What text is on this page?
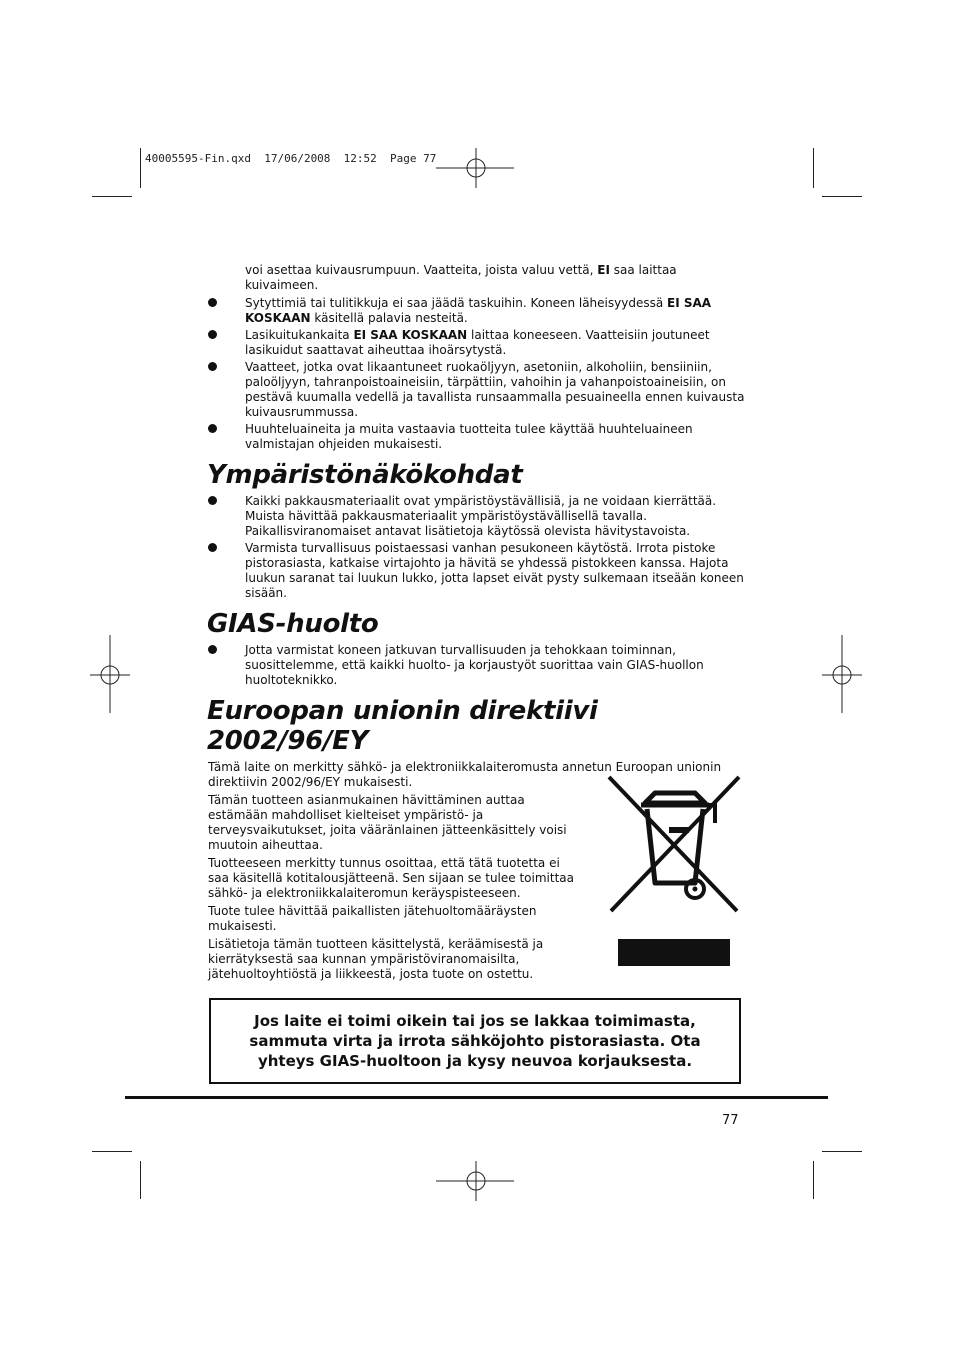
40005595-Fin.qxd  17/06/2008  12:52  Page 77

voi asettaa kuivausrumpuun. Vaatteita, joista valuu vettä, EI saa laittaa kuivaimeen.

Sytyttimiä tai tulitikkuja ei saa jäädä taskuihin. Koneen läheisyydessä EI SAA KOSKAAN käsitellä palavia nesteitä.
Lasikuitukankaita EI SAA KOSKAAN laittaa koneeseen. Vaatteisiin joutuneet lasikuidut saattavat aiheuttaa ihoärsytystä.
Vaatteet, jotka ovat likaantuneet ruokaöljyyn, asetoniin, alkoholiin, bensiiniin, paloöljyyn, tahranpoistoaineisiin, tärpättiin, vahoihin ja vahanpoistoaineisiin, on pestävä kuumalla vedellä ja tavallista runsaammalla pesuaineella ennen kuivausta kuivausrummussa.
Huuhteluaineita ja muita vastaavia tuotteita tulee käyttää huuhteluaineen valmistajan ohjeiden mukaisesti.
Ympäristönäkökohdat
Kaikki pakkausmateriaalit ovat ympäristöystävällisiä, ja ne voidaan kierrättää. Muista hävittää pakkausmateriaalit ympäristöystävällisellä tavalla. Paikallisviranomaiset antavat lisätietoja käytössä olevista hävitystavoista.
Varmista turvallisuus poistaessasi vanhan pesukoneen käytöstä. Irrota pistoke pistorasiasta, katkaise virtajohto ja hävitä se yhdessä pistokkeen kanssa. Hajota luukun saranat tai luukun lukko, jotta lapset eivät pysty sulkemaan itseään koneen sisään.
GIAS-huolto
Jotta varmistat koneen jatkuvan turvallisuuden ja tehokkaan toiminnan, suosittelemme, että kaikki huolto- ja korjaustyöt suorittaa vain GIAS-huollon huoltoteknikko.
Euroopan unionin direktiivi 2002/96/EY

Tämä laite on merkitty sähkö- ja elektroniikkalaiteromusta annetun Euroopan unionin direktiivin 2002/96/EY mukaisesti.

Tämän tuotteen asianmukainen hävittäminen auttaa estämään mahdolliset kielteiset ympäristö- ja terveysvaikutukset, joita vääränlainen jätteenkäsittely voisi muutoin aiheuttaa.

Tuotteeseen merkitty tunnus osoittaa, että tätä tuotetta ei saa käsitellä kotitalousjätteenä. Sen sijaan se tulee toimittaa sähkö- ja elektroniikkalaiteromun keräyspisteeseen.

Tuote tulee hävittää paikallisten jätehuoltomääräysten mukaisesti.

Lisätietoja tämän tuotteen käsittelystä, keräämisestä ja kierrätyksestä saa kunnan ympäristöviranomaisilta, jätehuoltoyhtiöstä ja liikkeestä, josta tuote on ostettu.

Jos laite ei toimi oikein tai jos se lakkaa toimimasta, sammuta virta ja irrota sähköjohto pistorasiasta. Ota yhteys GIAS-huoltoon ja kysy neuvoa korjauksesta.
77
